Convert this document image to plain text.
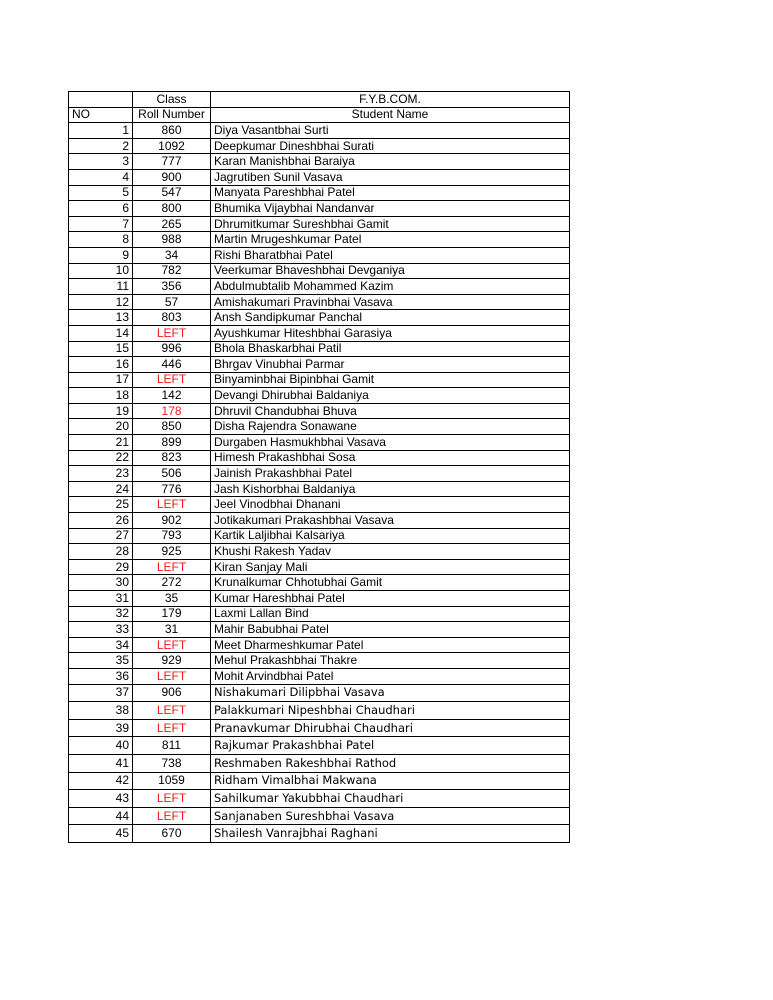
	Class	F.Y.B.COM.
NO	Roll Number	Student Name
1	860	Diya Vasantbhai Surti
2	1092	Deepkumar Dineshbhai Surati
3	777	Karan Manishbhai Baraiya
4	900	Jagrutiben Sunil Vasava
5	547	Manyata Pareshbhai Patel
6	800	Bhumika Vijaybhai Nandanvar
7	265	Dhrumitkumar Sureshbhai Gamit
8	988	Martin Mrugeshkumar Patel
9	34	Rishi Bharatbhai Patel
10	782	Veerkumar Bhaveshbhai Devganiya
11	356	Abdulmubtalib Mohammed Kazim
12	57	Amishakumari Pravinbhai Vasava
13	803	Ansh Sandipkumar Panchal
14	LEFT	Ayushkumar Hiteshbhai Garasiya
15	996	Bhola Bhaskarbhai Patil
16	446	Bhrgav Vinubhai Parmar
17	LEFT	Binyaminbhai Bipinbhai Gamit
18	142	Devangi Dhirubhai Baldaniya
19	178	Dhruvil Chandubhai Bhuva
20	850	Disha Rajendra Sonawane
21	899	Durgaben Hasmukhbhai Vasava
22	823	Himesh Prakashbhai Sosa
23	506	Jainish Prakashbhai Patel
24	776	Jash Kishorbhai Baldaniya
25	LEFT	Jeel Vinodbhai Dhanani
26	902	Jotikakumari Prakashbhai Vasava
27	793	Kartik Laljibhai Kalsariya
28	925	Khushi Rakesh Yadav
29	LEFT	Kiran Sanjay Mali
30	272	Krunalkumar Chhotubhai Gamit
31	35	Kumar Hareshbhai Patel
32	179	Laxmi Lallan Bind
33	31	Mahir Babubhai Patel
34	LEFT	Meet Dharmeshkumar Patel
35	929	Mehul Prakashbhai Thakre
36	LEFT	Mohit Arvindbhai Patel
37	906	Nishakumari Dilipbhai Vasava
38	LEFT	Palakkumari Nipeshbhai Chaudhari
39	LEFT	Pranavkumar Dhirubhai Chaudhari
40	811	Rajkumar Prakashbhai Patel
41	738	Reshmaben Rakeshbhai Rathod
42	1059	Ridham Vimalbhai Makwana
43	LEFT	Sahilkumar Yakubbhai Chaudhari
44	LEFT	Sanjanaben Sureshbhai Vasava
45	670	Shailesh Vanrajbhai Raghani
